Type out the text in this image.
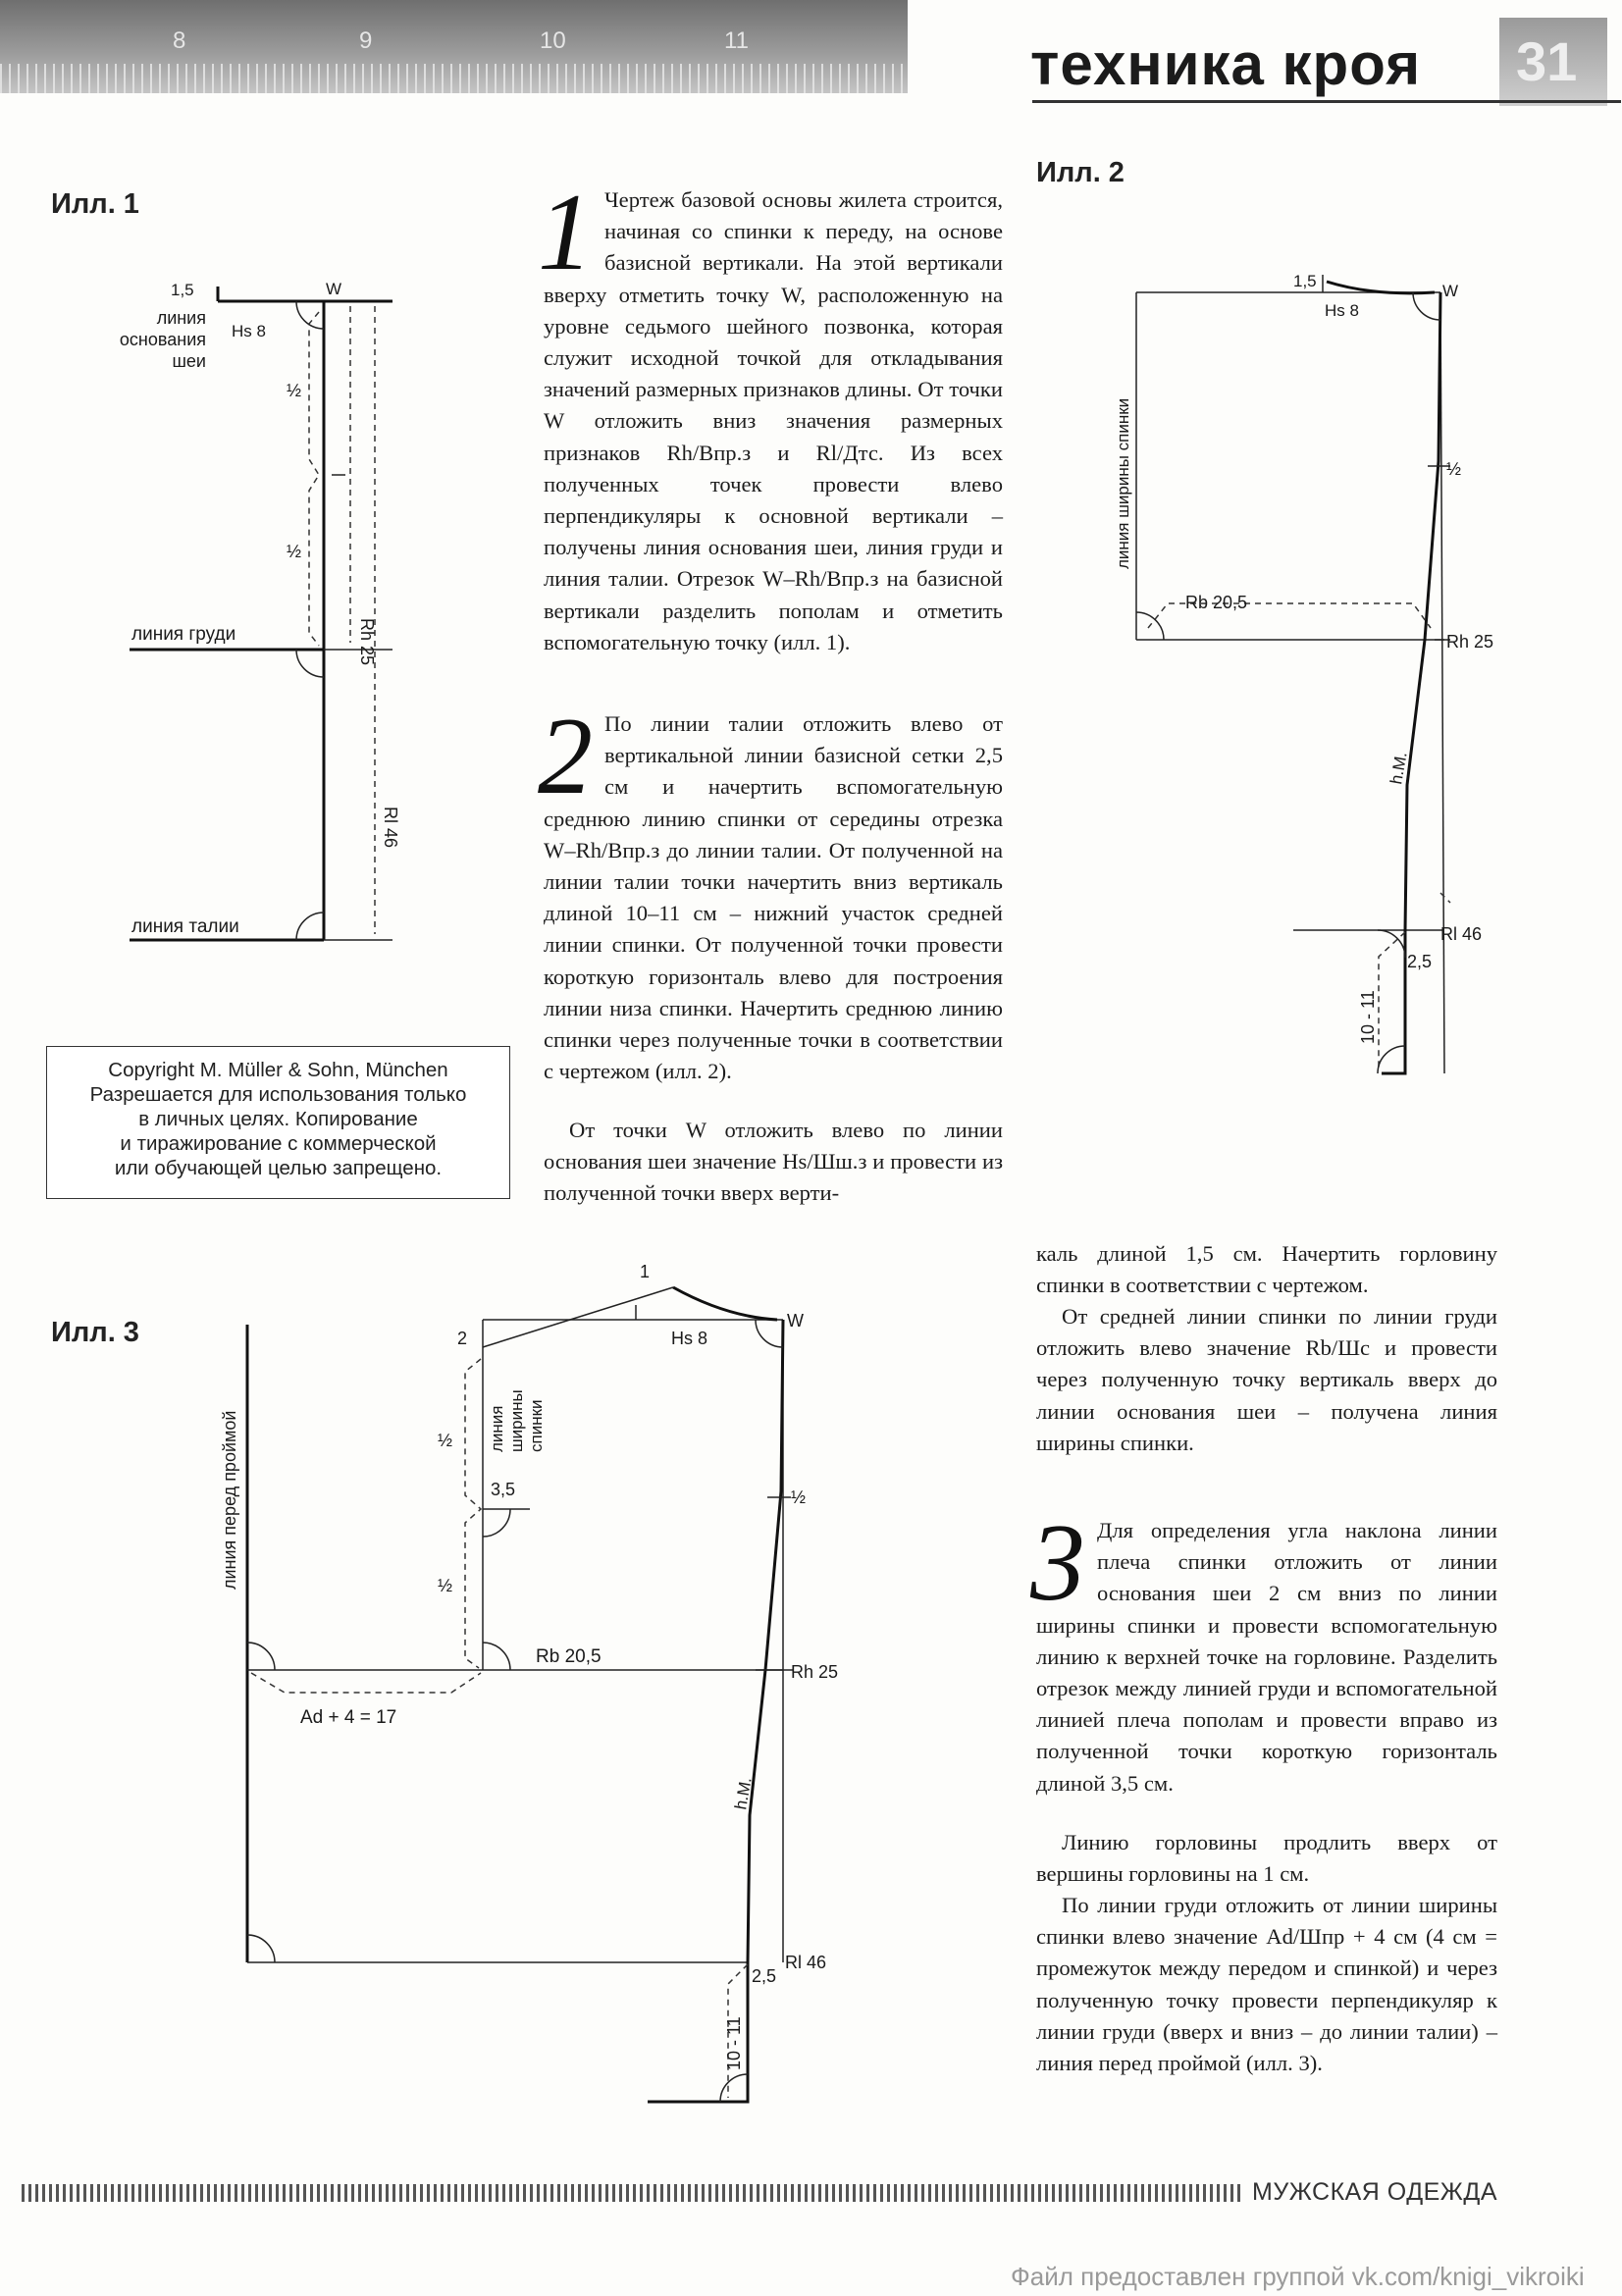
8	9	10	11	техника кроя 31
Илл. 1
1,5	W
Hs 8
линия
основания
шеи
½
½
Rh 25
Rl 46
линия груди
линия талии
Copyright M. Müller & Sohn, München
Разрешается для использования только
в личных целях. Копирование
и тиражирование с коммерческой
или обучающей целью запрещено.
1 Чертеж базовой основы жилета строится, начиная со спинки к переду, на основе базисной вертикали. На этой вертикали вверху отметить точку W, расположенную на уровне седьмого шейного позвонка, которая служит исходной точкой для откладывания значений размерных признаков длины. От точки W отложить вниз значения размерных признаков Rh/Впр.з и Rl/Дтс. Из всех полученных точек провести влево перпендикуляры к основной вертикали – получены линия основания шеи, линия груди и линия талии. Отрезок W–Rh/Впр.з на базисной вертикали разделить пополам и отметить вспомогательную точку (илл. 1).
2 По линии талии отложить влево от вертикальной линии базисной сетки 2,5 см и начертить вспомогательную среднюю линию спинки от середины отрезка W–Rh/Впр.з до линии талии. От полученной на линии талии точки начертить вниз вертикаль длиной 10–11 см – нижний участок средней линии спинки. От полученной точки провести короткую горизонталь влево для построения линии низа спинки. Начертить среднюю линию спинки через полученные точки в соответствии с чертежом (илл. 2).
От точки W отложить влево по линии основания шеи значение Hs/Шш.з и провести из полученной точки вверх верти-
Илл. 2
1,5
Hs 8
W
линия ширины спинки	½
Rb 20,5
Rh 25
h.M.
Rl 46
2,5
10 - 11
каль длиной 1,5 см. Начертить горловину спинки в соответствии с чертежом.
От средней линии спинки по линии груди отложить влево значение Rb/Шс и провести через полученную точку вертикаль вверх до линии основания шеи – получена линия ширины спинки.
3 Для определения угла наклона линии плеча спинки отложить от линии основания шеи 2 см вниз по линии ширины спинки и провести вспомогательную линию к верхней точке на горловине. Разделить отрезок между линией груди и вспомогательной линией плеча пополам и провести вправо из полученной точки короткую горизонталь длиной 3,5 см.
Линию горловины продлить вверх от вершины горловины на 1 см.
По линии груди отложить от линии ширины спинки влево значение Ad/Шпр + 4 см (4 см = промежуток между передом и спинкой) и через полученную точку провести перпендикуляр к линии груди (вверх и вниз – до линии талии) – линия перед проймой (илл. 3).
Илл. 3
линия перед проймой
1
2	Hs 8
W
линия ширины спинки
½
½
½
3,5
Rb 20,5
Rh 25
Ad + 4 = 17
h.M.
Rl 46
2,5
10 - 11
МУЖСКАЯ ОДЕЖДА
Файл предоставлен группой vk.com/knigi_vikroiki
